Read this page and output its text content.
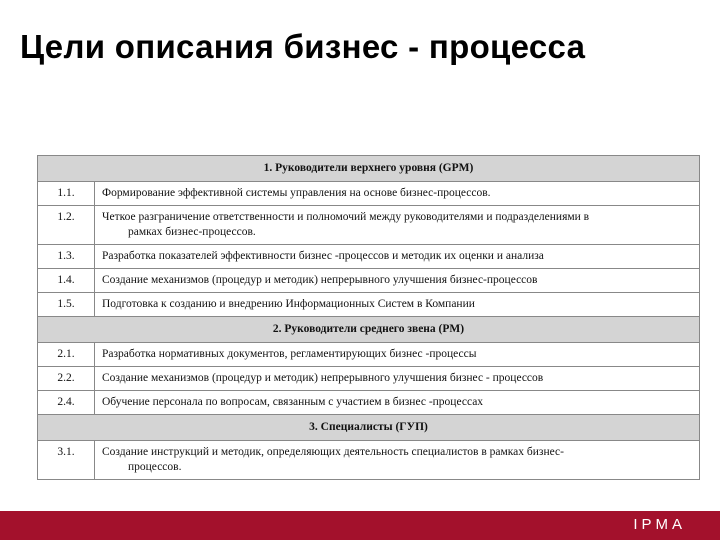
Цели описания бизнес - процесса
1. Руководители верхнего уровня (GPM)	
1.1.	Формирование эффективной системы управления на основе бизнес-процессов.
1.2.	Четкое разграничение ответственности и полномочий между руководителями и подразделениями в
рамках бизнес-процессов.

1.3.	Разработка показателей эффективности бизнес -процессов и методик их оценки и анализа
1.4.	Создание механизмов (процедур и методик) непрерывного улучшения бизнес-процессов
1.5.	Подготовка к созданию и внедрению Информационных Систем в Компании
2. Руководители среднего звена (PM)	
2.1.	Разработка нормативных документов, регламентирующих бизнес -процессы
2.2.	Создание механизмов (процедур и методик) непрерывного улучшения бизнес - процессов
2.4.	Обучение персонала по вопросам, связанным с участием в бизнес -процессах
3. Специалисты (ГУП)	
3.1.	Создание инструкций и методик, определяющих деятельность специалистов в рамках бизнес-
процессов.
IPMA
